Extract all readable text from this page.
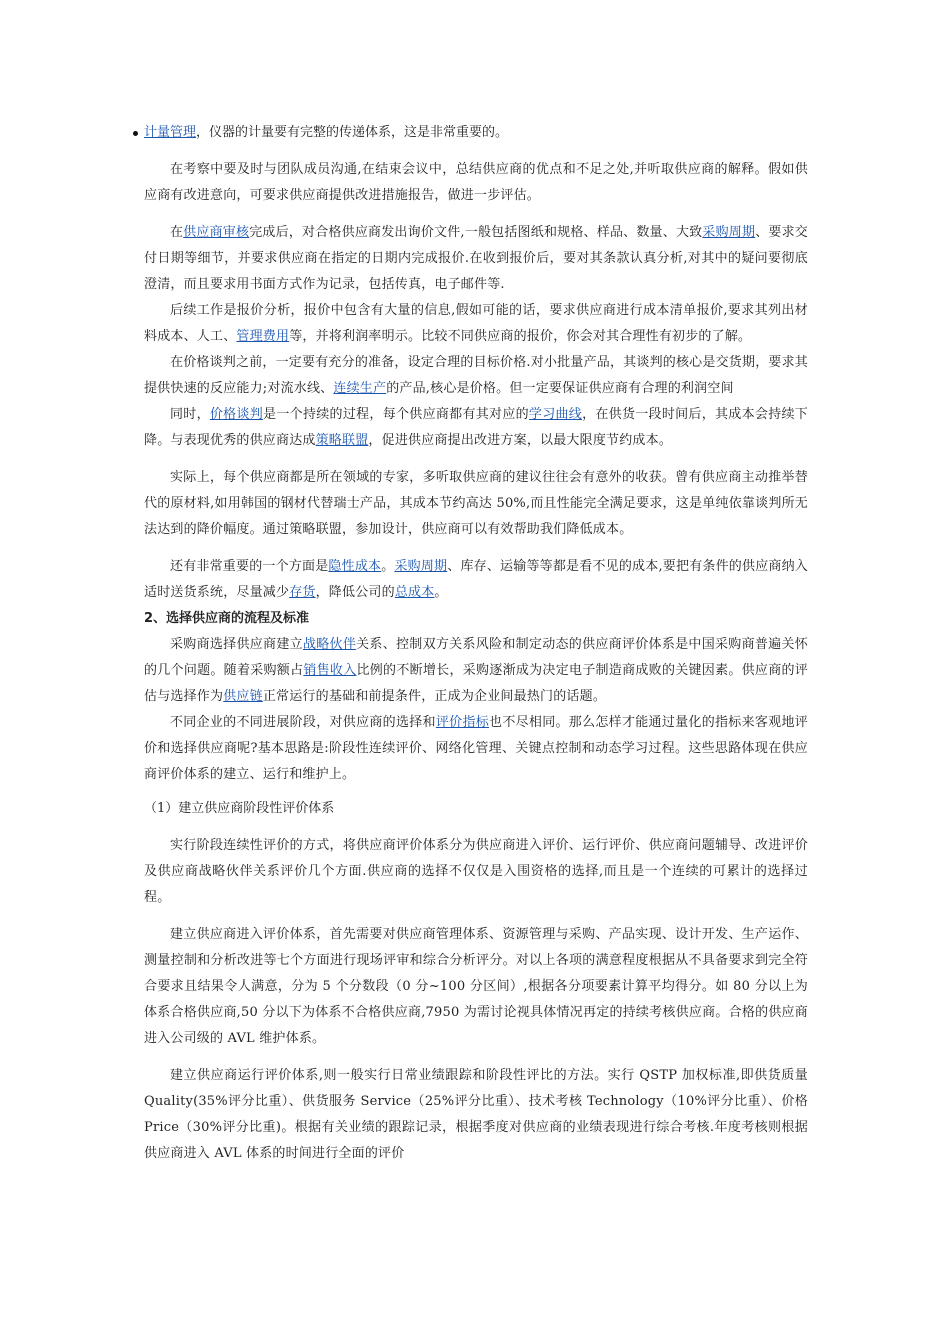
计量管理，仪器的计量要有完整的传递体系，这是非常重要的。

在考察中要及时与团队成员沟通,在结束会议中，总结供应商的优点和不足之处,并听取供应商的解释。假如供应商有改进意向，可要求供应商提供改进措施报告，做进一步评估。

在供应商审核完成后，对合格供应商发出询价文件,一般包括图纸和规格、样品、数量、大致采购周期、要求交付日期等细节，并要求供应商在指定的日期内完成报价.在收到报价后，要对其条款认真分析,对其中的疑问要彻底澄清，而且要求用书面方式作为记录，包括传真，电子邮件等.

后续工作是报价分析，报价中包含有大量的信息,假如可能的话，要求供应商进行成本清单报价,要求其列出材料成本、人工、管理费用等，并将利润率明示。比较不同供应商的报价，你会对其合理性有初步的了解。

在价格谈判之前，一定要有充分的准备，设定合理的目标价格.对小批量产品，其谈判的核心是交货期，要求其提供快速的反应能力;对流水线、连续生产的产品,核心是价格。但一定要保证供应商有合理的利润空间

同时，价格谈判是一个持续的过程，每个供应商都有其对应的学习曲线，在供货一段时间后，其成本会持续下降。与表现优秀的供应商达成策略联盟，促进供应商提出改进方案，以最大限度节约成本。

实际上，每个供应商都是所在领域的专家，多听取供应商的建议往往会有意外的收获。曾有供应商主动推举替代的原材料,如用韩国的钢材代替瑞士产品，其成本节约高达 50%,而且性能完全满足要求，这是单纯依靠谈判所无法达到的降价幅度。通过策略联盟，参加设计，供应商可以有效帮助我们降低成本。

还有非常重要的一个方面是隐性成本。采购周期、库存、运输等等都是看不见的成本,要把有条件的供应商纳入适时送货系统，尽量减少存货，降低公司的总成本。

2、选择供应商的流程及标准

采购商选择供应商建立战略伙伴关系、控制双方关系风险和制定动态的供应商评价体系是中国采购商普遍关怀的几个问题。随着采购额占销售收入比例的不断增长，采购逐渐成为决定电子制造商成败的关键因素。供应商的评估与选择作为供应链正常运行的基础和前提条件，正成为企业间最热门的话题。

不同企业的不同进展阶段，对供应商的选择和评价指标也不尽相同。那么怎样才能通过量化的指标来客观地评价和选择供应商呢?基本思路是:阶段性连续评价、网络化管理、关键点控制和动态学习过程。这些思路体现在供应商评价体系的建立、运行和维护上。

（1）建立供应商阶段性评价体系

实行阶段连续性评价的方式，将供应商评价体系分为供应商进入评价、运行评价、供应商问题辅导、改进评价及供应商战略伙伴关系评价几个方面.供应商的选择不仅仅是入围资格的选择,而且是一个连续的可累计的选择过程。

建立供应商进入评价体系，首先需要对供应商管理体系、资源管理与采购、产品实现、设计开发、生产运作、测量控制和分析改进等七个方面进行现场评审和综合分析评分。对以上各项的满意程度根据从不具备要求到完全符合要求且结果令人满意，分为 5 个分数段（0 分~100 分区间）,根据各分项要素计算平均得分。如 80 分以上为体系合格供应商,50 分以下为体系不合格供应商,7950 为需讨论视具体情况再定的持续考核供应商。合格的供应商进入公司级的 AVL 维护体系。

建立供应商运行评价体系,则一般实行日常业绩跟踪和阶段性评比的方法。实行 QSTP 加权标准,即供货质量 Quality(35%评分比重）、供货服务 Service（25%评分比重）、技术考核 Technology（10%评分比重）、价格 Price（30%评分比重)。根据有关业绩的跟踪记录，根据季度对供应商的业绩表现进行综合考核.年度考核则根据供应商进入 AVL 体系的时间进行全面的评价
